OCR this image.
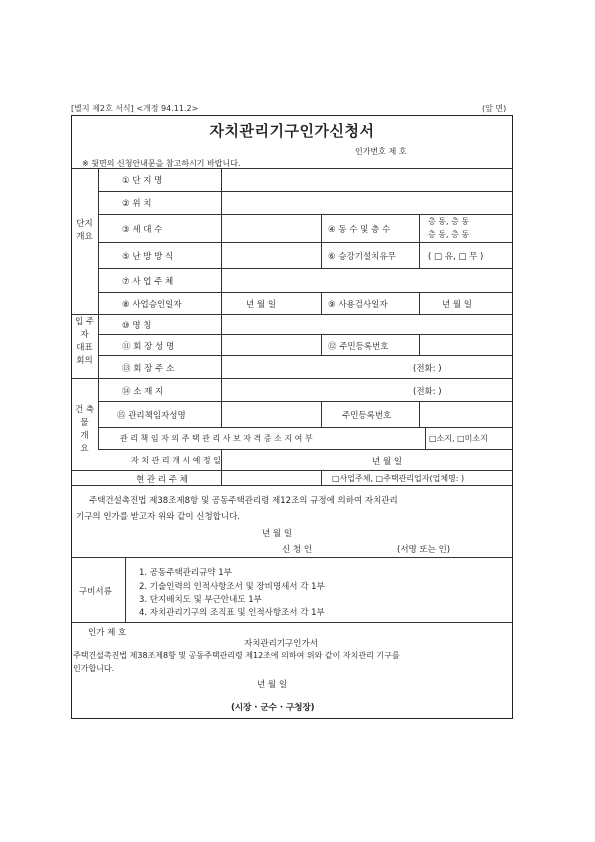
[별지 제2호 서식] <개정 94.11.2>	(앞 면)
자치관리기구인가신청서
인가번호 제 호
※ 뒷면의 신청안내문을 참고하시기 바랍니다.
단지
개요
입 주
자
대표
회의
건 축
물
개
요
① 단 지 명
② 위 치
③ 세 대 수	④ 동 수 및 층 수
층 동, 층 동
층 동, 층 동
⑤ 난 방 방 식	⑥ 승강기설치유무	( □ 유, □ 무 )
⑦ 사 업 주 체
⑧ 사업승인일자	년 월 일	⑨ 사용검사일자	년 월 일
⑩ 명 칭
⑪ 회 장 성 명	⑫ 주민등록번호
⑬ 회 장 주 소	(전화: )
⑭ 소 재 지	(전화: )
⑮ 관리책임자성명	주민등록번호
관 리 책 임 자 의 주 택 관 리 사 보 자 격 증 소 지 여 부	□소지, □미소지
자 치 관 리 개 시 예 정 일	년 월 일
현 관 리 주 체	□사업주체, □주택관리업자(업체명: )
주택건설촉진법 제38조제8항 및 공동주택관리령 제12조의 규정에 의하여 자치관리
기구의 인가를 받고자 위와 같이 신청합니다.
년 월 일
신 청 인	(서명 또는 인)
구비서류
1. 공동주택관리규약 1부
2. 기술인력의 인적사항조서 및 장비명세서 각 1부
3. 단지배치도 및 부근안내도 1부
4. 자치관리기구의 조직표 및 인적사항조서 각 1부
인가 제 호
자치관리기구인가서
주택건설촉진법 제38조제8항 및 공동주택관리령 제12조에 의하여 위와 같이 자치관리 기구를
인가합니다.
년 월 일
(시장 · 군수 · 구청장)
